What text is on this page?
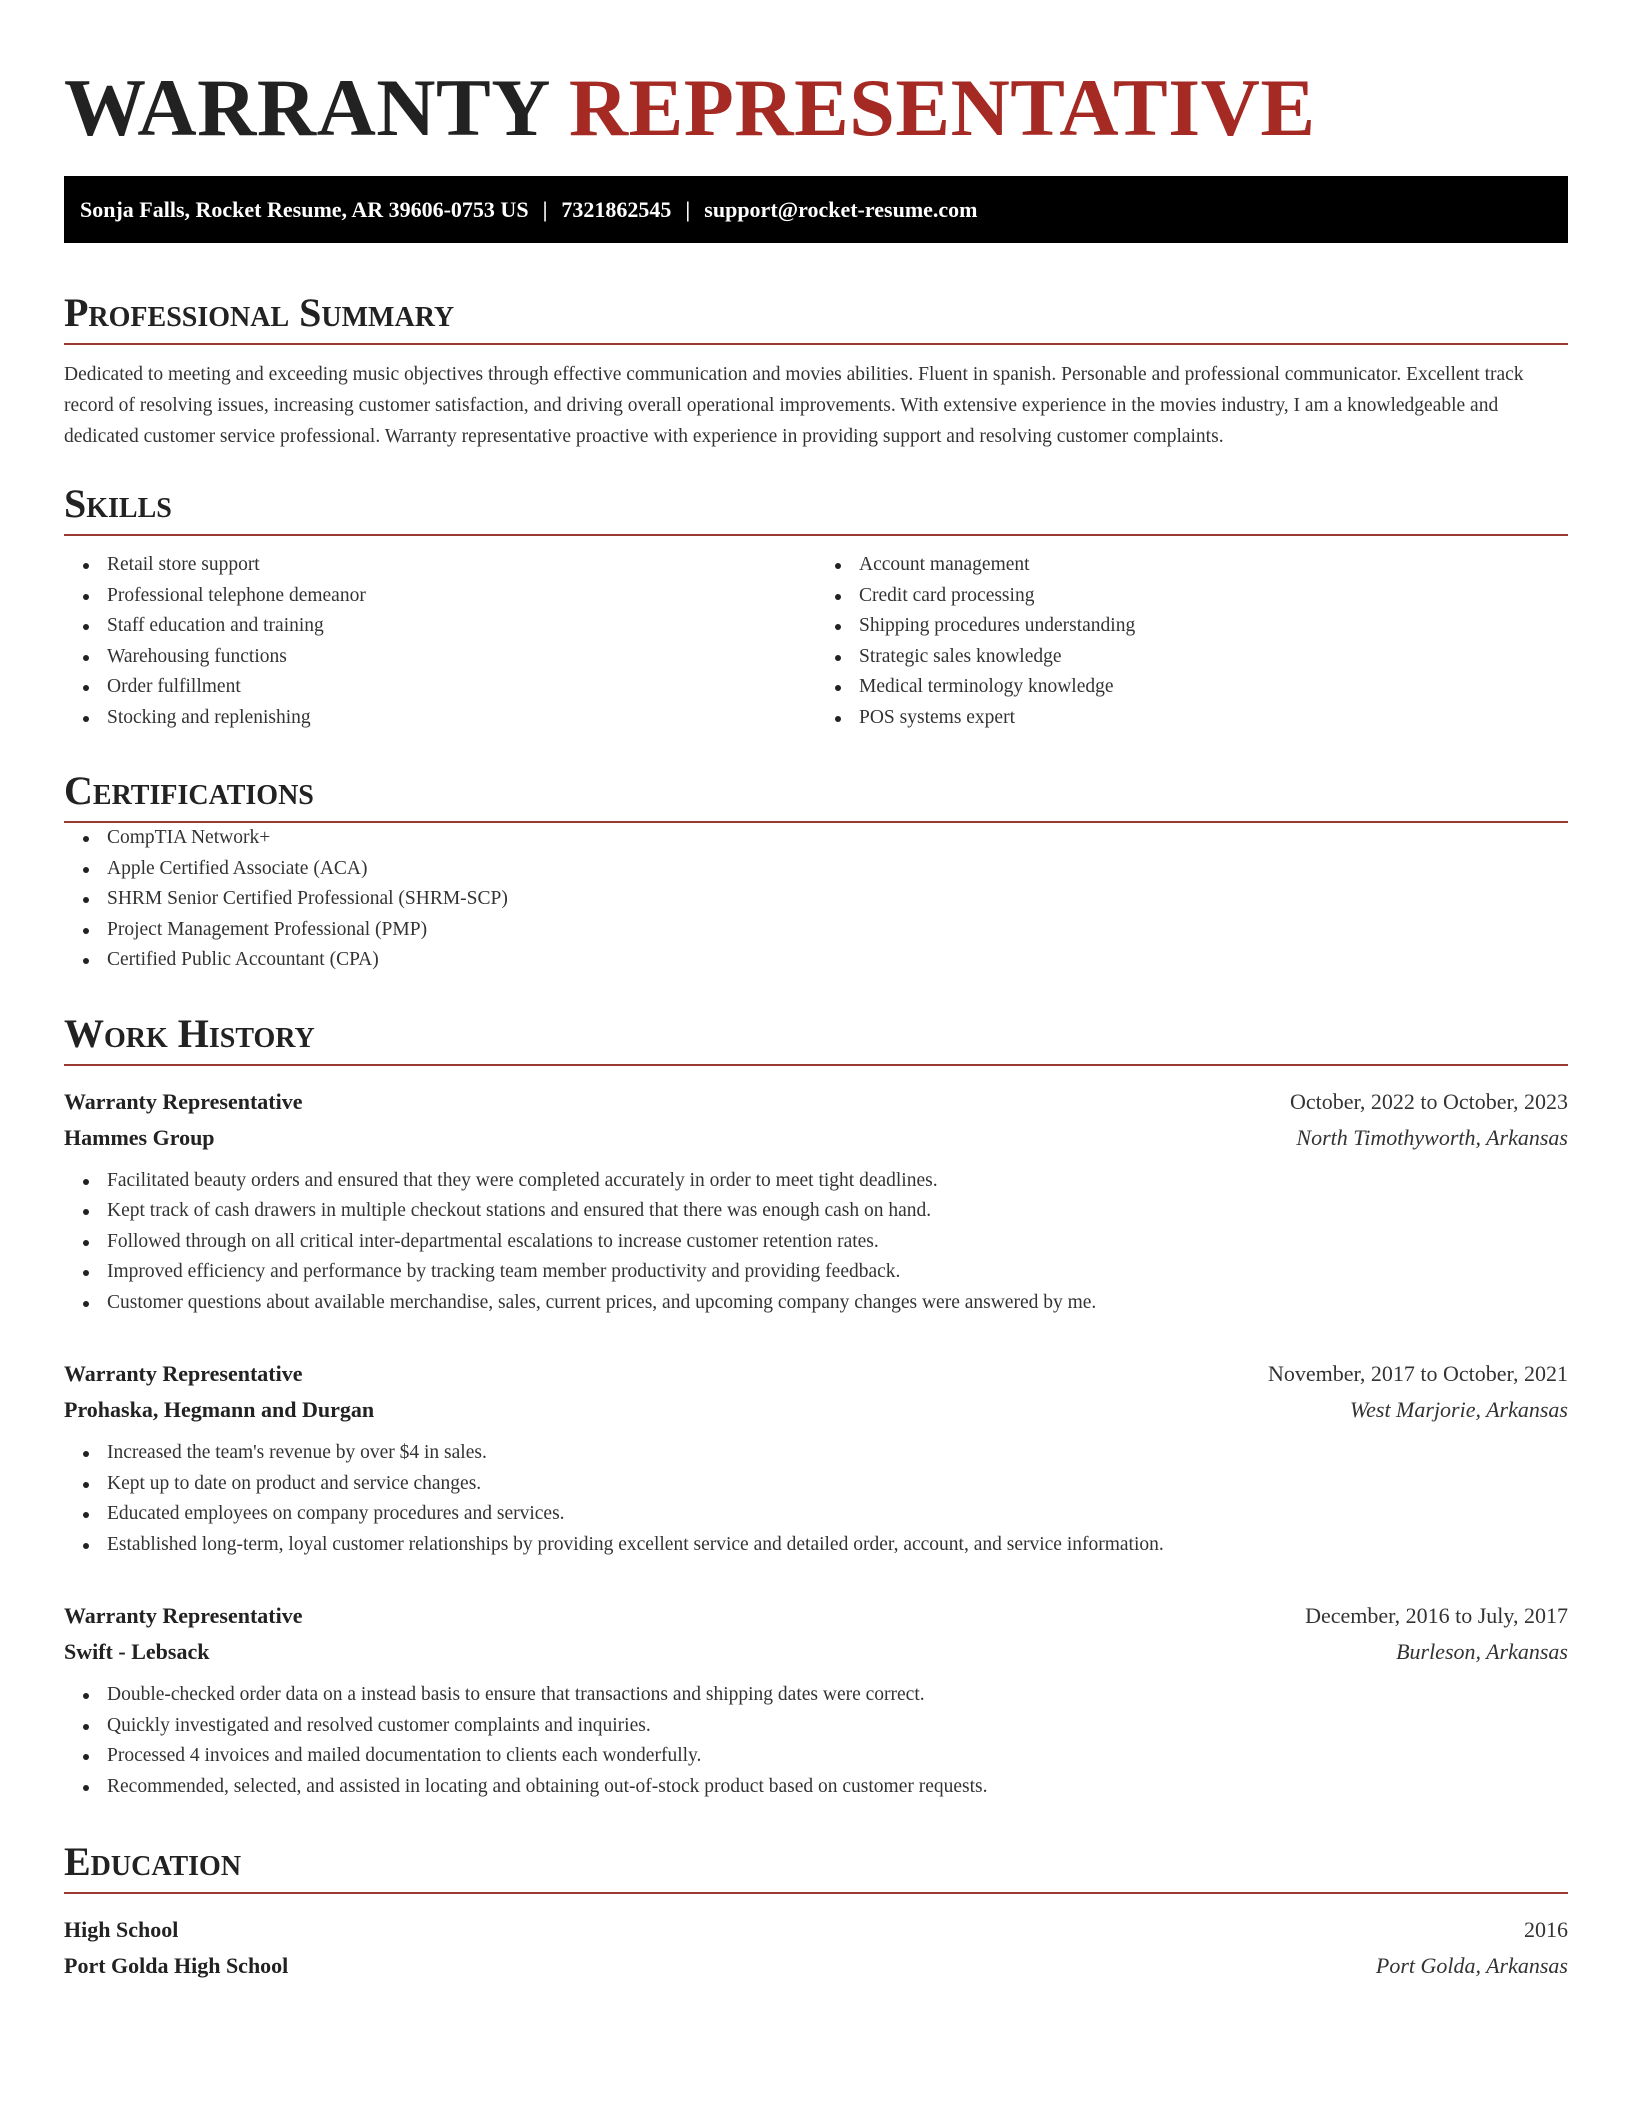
WARRANTY REPRESENTATIVE
Sonja Falls, Rocket Resume, AR 39606-0753 US | 7321862545 | support@rocket-resume.com
Professional Summary

Dedicated to meeting and exceeding music objectives through effective communication and movies abilities. Fluent in spanish. Personable and professional communicator. Excellent track record of resolving issues, increasing customer satisfaction, and driving overall operational improvements. With extensive experience in the movies industry, I am a knowledgeable and dedicated customer service professional. Warranty representative proactive with experience in providing support and resolving customer complaints.

Skills
Retail store support
Professional telephone demeanor
Staff education and training
Warehousing functions
Order fulfillment
Stocking and replenishing
Account management
Credit card processing
Shipping procedures understanding
Strategic sales knowledge
Medical terminology knowledge
POS systems expert
Certifications
CompTIA Network+
Apple Certified Associate (ACA)
SHRM Senior Certified Professional (SHRM-SCP)
Project Management Professional (PMP)
Certified Public Accountant (CPA)
Work History
Warranty Representative	October, 2022 to October, 2023
Hammes Group	North Timothyworth, Arkansas
Facilitated beauty orders and ensured that they were completed accurately in order to meet tight deadlines.
Kept track of cash drawers in multiple checkout stations and ensured that there was enough cash on hand.
Followed through on all critical inter-departmental escalations to increase customer retention rates.
Improved efficiency and performance by tracking team member productivity and providing feedback.
Customer questions about available merchandise, sales, current prices, and upcoming company changes were answered by me.
Warranty Representative	November, 2017 to October, 2021
Prohaska, Hegmann and Durgan	West Marjorie, Arkansas
Increased the team's revenue by over $4 in sales.
Kept up to date on product and service changes.
Educated employees on company procedures and services.
Established long-term, loyal customer relationships by providing excellent service and detailed order, account, and service information.
Warranty Representative	December, 2016 to July, 2017
Swift - Lebsack	Burleson, Arkansas
Double-checked order data on a instead basis to ensure that transactions and shipping dates were correct.
Quickly investigated and resolved customer complaints and inquiries.
Processed 4 invoices and mailed documentation to clients each wonderfully.
Recommended, selected, and assisted in locating and obtaining out-of-stock product based on customer requests.
Education
High School	2016
Port Golda High School	Port Golda, Arkansas
